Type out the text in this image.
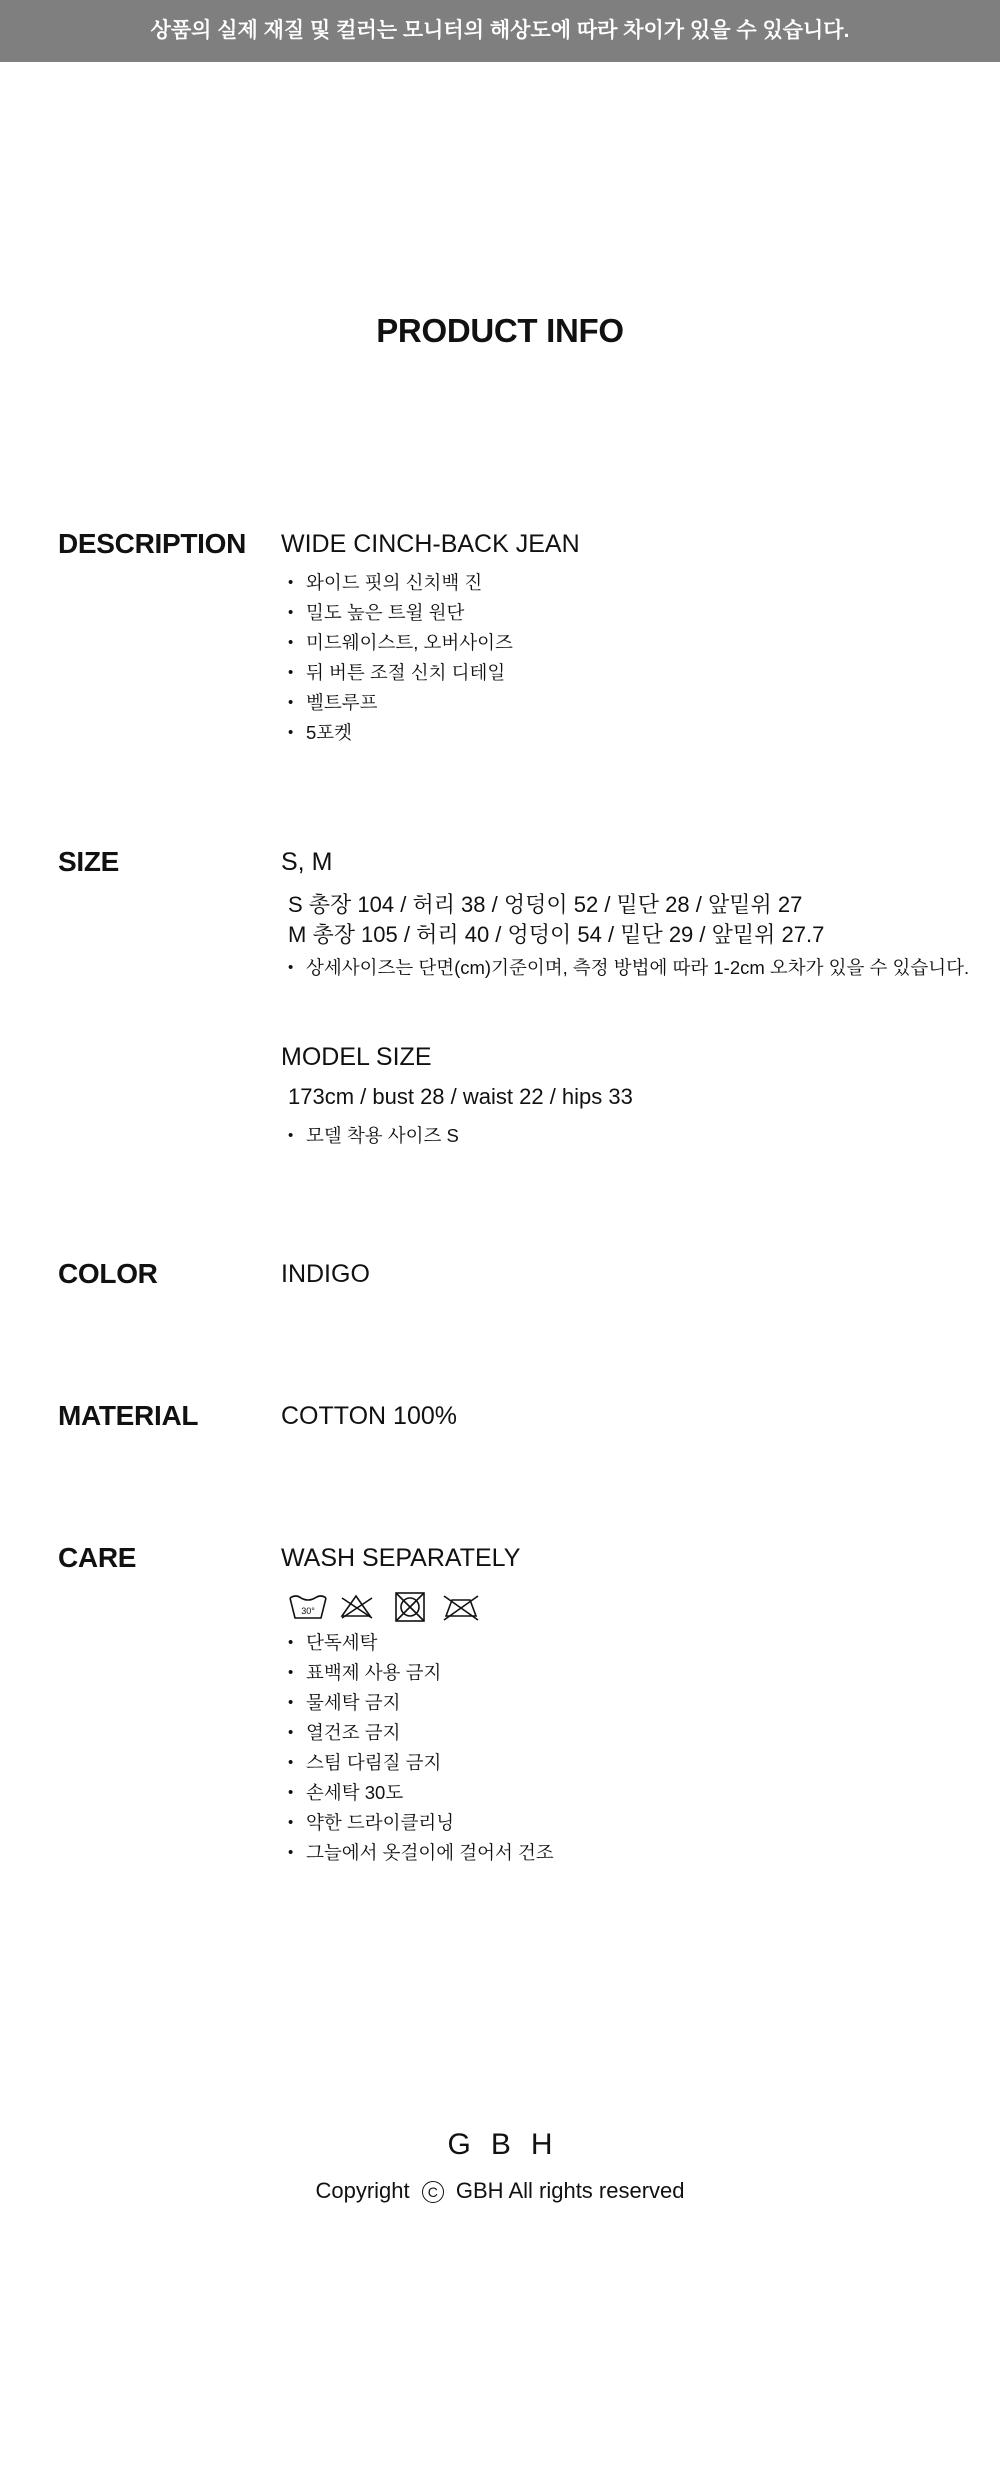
상품의 실제 재질 및 컬러는 모니터의 해상도에 따라 차이가 있을 수 있습니다.
PRODUCT INFO
DESCRIPTION WIDE CINCH-BACK JEAN
• 와이드 핏의 신치백 진
• 밀도 높은 트윌 원단
• 미드웨이스트, 오버사이즈
• 뒤 버튼 조절 신치 디테일
• 벨트루프
• 5포켓
SIZE	S, M
S 총장 104 / 허리 38 / 엉덩이 52 / 밑단 28 / 앞밑위 27
M 총장 105 / 허리 40 / 엉덩이 54 / 밑단 29 / 앞밑위 27.7
• 상세사이즈는 단면(cm)기준이며, 측정 방법에 따라 1-2cm 오차가 있을 수 있습니다.
MODEL SIZE
173cm / bust 28 / waist 22 / hips 33
• 모델 착용 사이즈 S
COLOR	INDIGO
MATERIAL	COTTON 100%
CARE	WASH SEPARATELY
30°
• 단독세탁
• 표백제 사용 금지
• 물세탁 금지
• 열건조 금지
• 스팀 다림질 금지
• 손세탁 30도
• 약한 드라이클리닝
• 그늘에서 옷걸이에 걸어서 건조
GBH
Copyright C GBH All rights reserved
